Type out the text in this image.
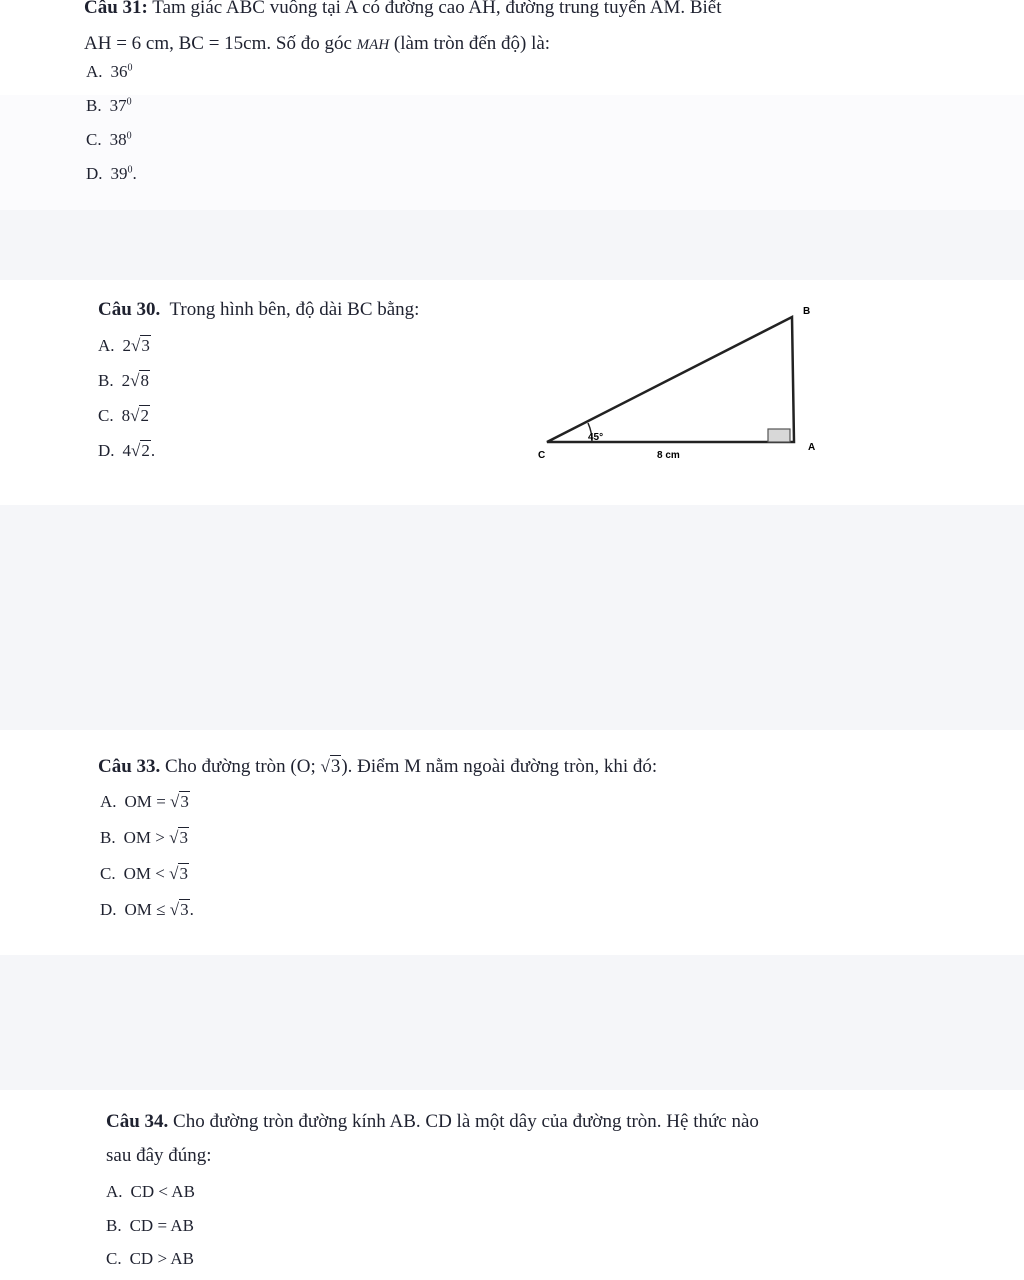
Câu 31: Tam giác ABC vuông tại A có đường cao AH, đường trung tuyến AM. Biết
AH = 6 cm, BC = 15cm. Số đo góc MAH (làm tròn đến độ) là:
A. $36^0$
B. $37^0$
C. $38^0$
D. $39^0$.
Câu 30. Trong hình bên, độ dài BC bằng:
A. 2√3
B. 2√8
C. 8√2
D. 4√2.
B
C
A
45°
8 cm
Câu 33. Cho đường tròn (O; √3). Điểm M nằm ngoài đường tròn, khi đó:
A. OM = √3
B. OM > √3
C. OM < √3
D. OM ≤ √3.
Câu 34. Cho đường tròn đường kính AB. CD là một dây của đường tròn. Hệ thức nào
sau đây đúng:
A. CD < AB
B. CD = AB
C. CD > AB
